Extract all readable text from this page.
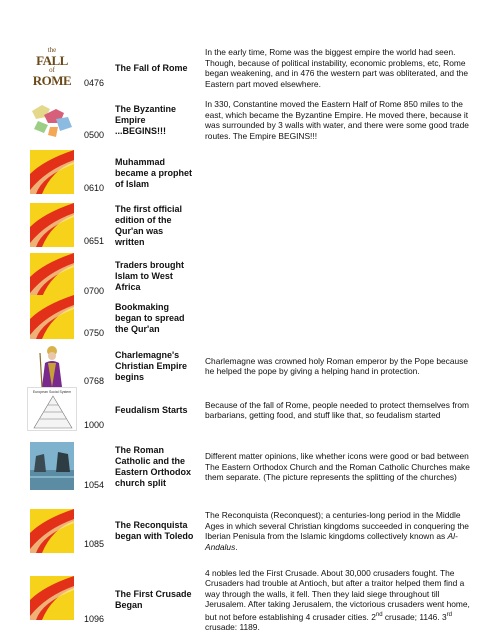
the
FALL
of
ROME 0476
The Fall of Rome
In the early time, Rome was the biggest empire the world had seen. Though, because of political instability, economic problems, etc, Rome began weakening, and in 476 the western part was obliterated, and the Eastern part moved elsewhere.
0500
The Byzantine Empire ...BEGINS!!!
In 330, Constantine moved the Eastern Half of Rome 850 miles to the east, which became the Byzantine Empire. He moved there, because it was surrounded by 3 walls with water, and there were some good trade routes. The Empire BEGINS!!!
0610
Muhammad became a prophet of Islam
0651
The first official edition of the Qur'an was written
0700
Traders brought Islam to West Africa
0750
Bookmaking began to spread the Qur'an
0768
Charlemagne's Christian Empire begins
Charlemagne was crowned holy Roman emperor by the Pope because he helped the pope by giving a helping hand in protection.
European Social System
1000
Feudalism Starts	Because of the fall of Rome, people needed to protect themselves from barbarians, getting food, and stuff like that, so feudalism started
1054
The Roman Catholic and the Eastern Orthodox church split
Different matter opinions, like whether icons were good or bad between The Eastern Orthodox Church and the Roman Catholic Churches make them separate. (The picture represents the splitting of the churches)
1085
The Reconquista began with Toledo
The Reconquista (Reconquest); a centuries-long period in the Middle Ages in which several Christian kingdoms succeeded in conquering the Iberian Penisula from the Islamic kingdoms collectively known as Al-Andalus.
1096
The First Crusade Began
4 nobles led the First Crusade. About 30,000 crusaders fought. The Crusaders had trouble at Antioch, but after a traitor helped them find a way through the walls, it fell. Then they laid siege throughout till Jerusalem. After taking Jerusalem, the victorious crusaders went home, but not before establishing 4 crusader cities. 2nd crusade; 1146. 3rd crusade: 1189.
